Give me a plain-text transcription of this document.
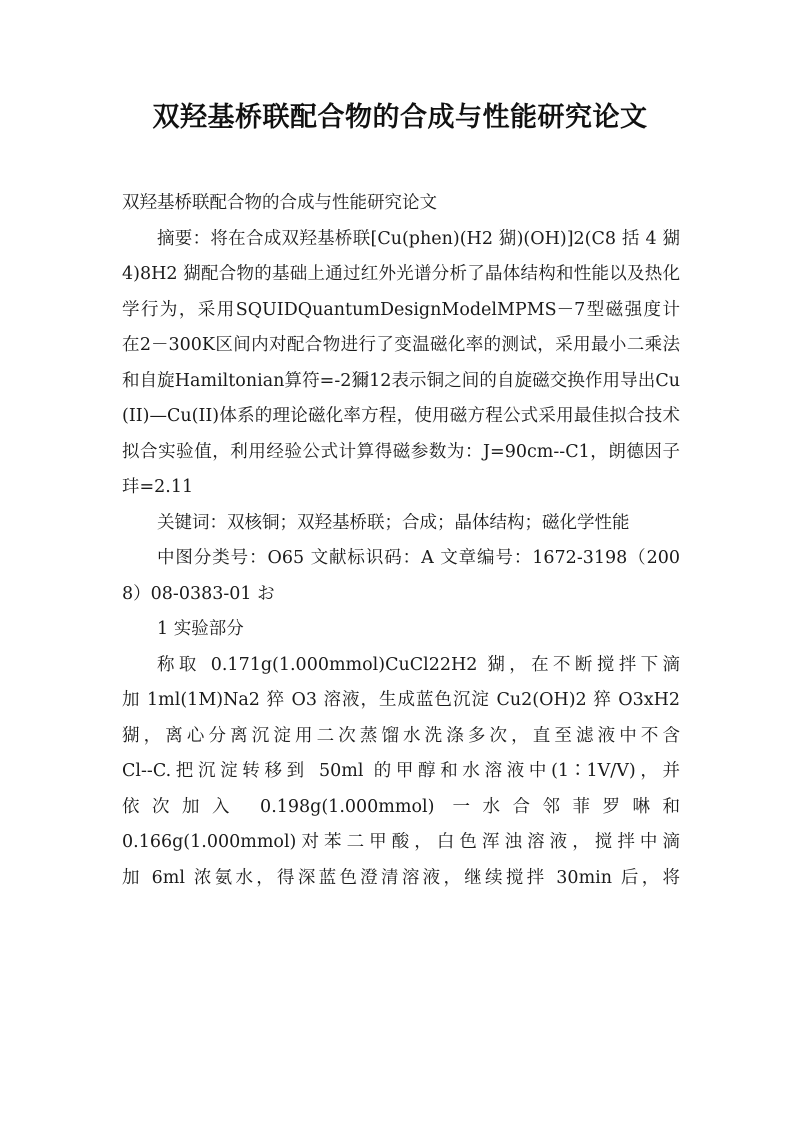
双羟基桥联配合物的合成与性能研究论文

双羟基桥联配合物的合成与性能研究论文

摘要：将在合成双羟基桥联[Cu(phen)(H2 猢)(OH)]2(C8 括 4 猢 4)8H2 猢配合物的基础上通过红外光谱分析了晶体结构和性能以及热化学行为，采用SQUIDQuantumDesignModelMPMS－7型磁强度计在2－300K区间内对配合物进行了变温磁化率的测试，采用最小二乘法和自旋Hamiltonian算符=-2獮12表示铜之间的自旋磁交换作用导出Cu(II)—Cu(II)体系的理论磁化率方程，使用磁方程公式采用最佳拟合技术拟合实验值，利用经验公式计算得磁参数为：J=90cm--C1，朗德因子玤=2.11

关键词：双核铜；双羟基桥联；合成；晶体结构；磁化学性能

中图分类号：O65 文献标识码：A 文章编号：1672-3198（2008）08-0383-01 お

1 实验部分

称取 0.171g(1.000mmol)CuCl22H2 猢，在不断搅拌下滴

加 1ml(1M)Na2 猝 O3 溶液，生成蓝色沉淀 Cu2(OH)2 猝 O3xH2

猢，离心分离沉淀用二次蒸馏水洗涤多次，直至滤液中不含

Cl--C.把沉淀转移到 50ml 的甲醇和水溶液中(1∶1V/V)，并

依次加入 0.198g(1.000mmol) 一水合邻菲罗啉和

0.166g(1.000mmol)对苯二甲酸，白色浑浊溶液，搅拌中滴

加 6ml 浓氨水，得深蓝色澄清溶液，继续搅拌 30min 后，将
